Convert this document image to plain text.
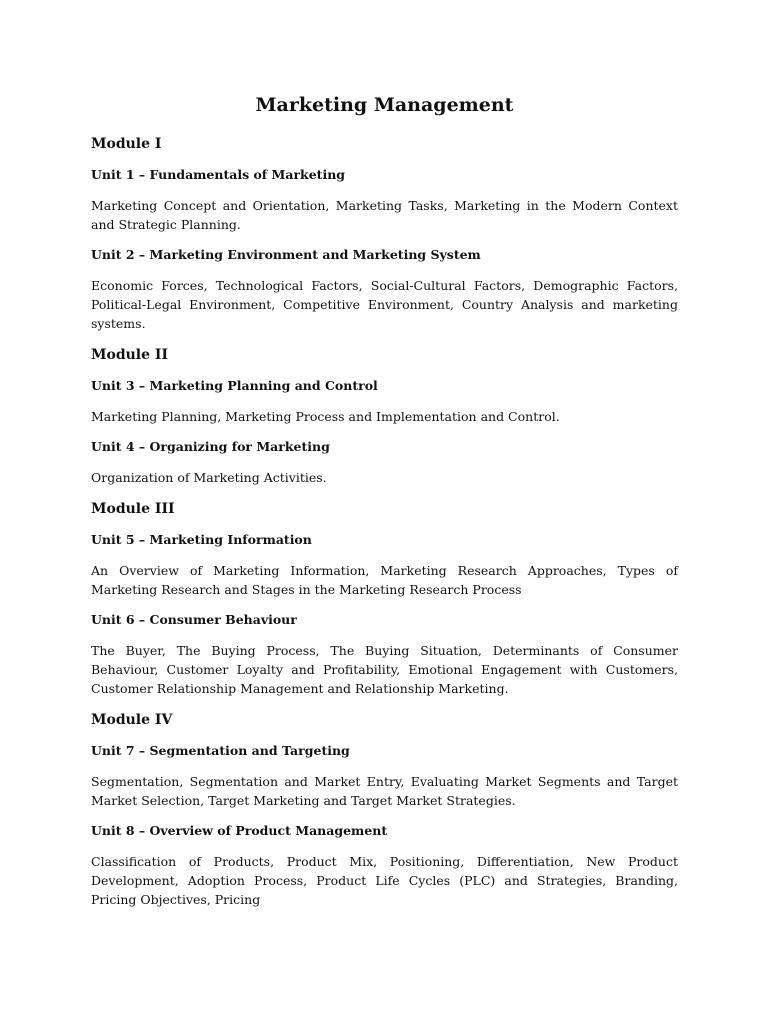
Marketing Management
Module I
Unit 1 – Fundamentals of Marketing

Marketing Concept and Orientation, Marketing Tasks, Marketing in the Modern Context and Strategic Planning.

Unit 2 – Marketing Environment and Marketing System

Economic Forces, Technological Factors, Social-Cultural Factors, Demographic Factors, Political-Legal Environment, Competitive Environment, Country Analysis and marketing systems.

Module II
Unit 3 – Marketing Planning and Control

Marketing Planning, Marketing Process and Implementation and Control.

Unit 4 – Organizing for Marketing

Organization of Marketing Activities.

Module III
Unit 5 – Marketing Information

An Overview of Marketing Information, Marketing Research Approaches, Types of Marketing Research and Stages in the Marketing Research Process

Unit 6 – Consumer Behaviour

The Buyer, The Buying Process, The Buying Situation, Determinants of Consumer Behaviour, Customer Loyalty and Profitability, Emotional Engagement with Customers, Customer Relationship Management and Relationship Marketing.

Module IV
Unit 7 – Segmentation and Targeting

Segmentation, Segmentation and Market Entry, Evaluating Market Segments and Target Market Selection, Target Marketing and Target Market Strategies.

Unit 8 – Overview of Product Management

Classification of Products, Product Mix, Positioning, Differentiation, New Product Development, Adoption Process, Product Life Cycles (PLC) and Strategies, Branding, Pricing Objectives, Pricing
